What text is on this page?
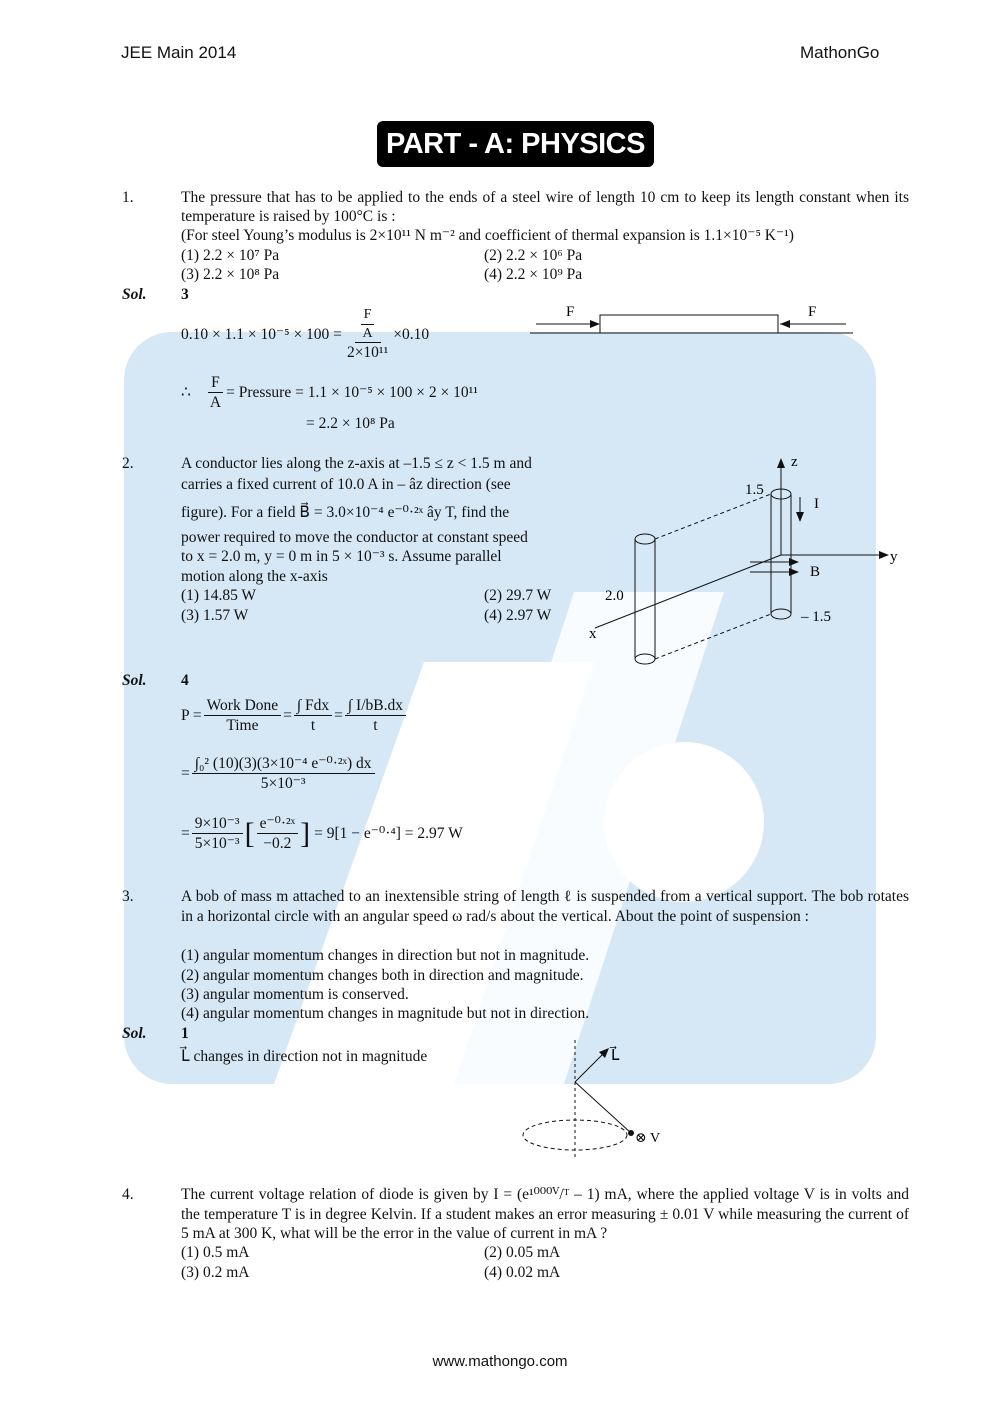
JEE Main 2014	MathonGo
PART - A: PHYSICS
1.	The pressure that has to be applied to the ends of a steel wire of length 10 cm to keep its length constant when its temperature is raised by 100°C is :
(For steel Young’s modulus is 2×10¹¹ N m⁻² and coefficient of thermal expansion is 1.1×10⁻⁵ K⁻¹)
(1) 2.2 × 10⁷ Pa	(2) 2.2 × 10⁶ Pa
(3) 2.2 × 10⁸ Pa	(4) 2.2 × 10⁹ Pa
Sol. 3
$0.10 \times 1.1 \times 10^{-5} \times 100 = \frac{\frac{F}{A}}{\text{2×10¹¹}} \times 0.10$
∴ $\frac{F}{A}$ = Pressure = 1.1 × 10⁻⁵ × 100 × 2 × 10¹¹
= 2.2 × 10⁸ Pa
F	F
2.	A conductor lies along the z-axis at –1.5 ≤ z < 1.5 m and
carries a fixed current of 10.0 A in – âz direction (see
figure). For a field B⃗ = 3.0×10⁻⁴ e⁻⁰·²ˣ ây T, find the
power required to move the conductor at constant speed
to x = 2.0 m, y = 0 m in 5 × 10⁻³ s. Assume parallel
motion along the x-axis
(1) 14.85 W	(2) 29.7 W
(3) 1.57 W	(4) 2.97 W
z
y
x
1.5
– 1.5
I
B
2.0
Sol. 4
$P = \frac{\text{Work Done}}{\text{Time}} = \frac{\text{∫ Fdx}}{t} = \frac{\int I/bB.dx}{t}$
= $\frac{\text{∫₀² (10)(3)(3×10⁻⁴ e⁻⁰·²ˣ) dx}}{\text{5×10⁻³}}$
= $\frac{\text{9×10⁻³}}{\text{5×10⁻³}}$ [ $\frac{\text{e⁻⁰·²ˣ}}{-0.2}$ ] = 9[1 − e⁻⁰·⁴] = 2.97 W
3.	A bob of mass m attached to an inextensible string of length ℓ is suspended from a vertical support. The bob rotates in a horizontal circle with an angular speed ω rad/s about the vertical. About the point of suspension :
(1) angular momentum changes in direction but not in magnitude.
(2) angular momentum changes both in direction and magnitude.
(3) angular momentum is conserved.
(4) angular momentum changes in magnitude but not in direction.
Sol. 1
L⃗ changes in direction not in magnitude	L⃗
⊗ V
4.	The current voltage relation of diode is given by I = (e¹⁰⁰⁰ⱽ/ᵀ – 1) mA, where the applied voltage V is in volts and the temperature T is in degree Kelvin. If a student makes an error measuring ± 0.01 V while measuring the current of 5 mA at 300 K, what will be the error in the value of current in mA ?
(1) 0.5 mA	(2) 0.05 mA
(3) 0.2 mA	(4) 0.02 mA
www.mathongo.com
